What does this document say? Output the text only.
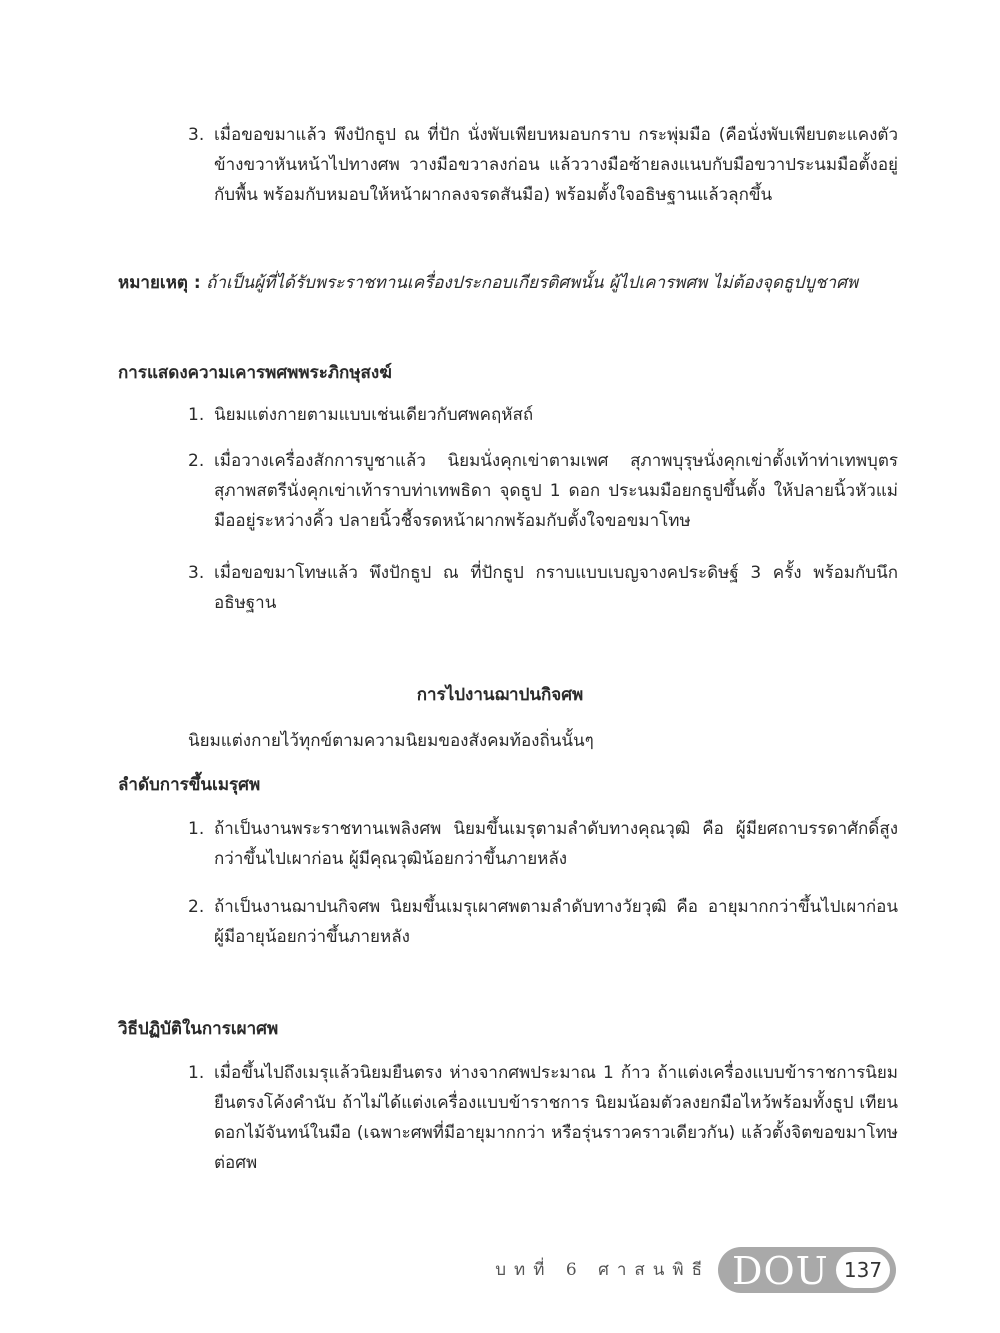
3. เมื่อขอขมาแล้ว พึงปักธูป ณ ที่ปัก นั่งพับเพียบหมอบกราบ กระพุ่มมือ (คือนั่งพับเพียบตะแคงตัวข้างขวาหันหน้าไปทางศพ วางมือขวาลงก่อน แล้ววางมือซ้ายลงแนบกับมือขวาประนมมือตั้งอยู่กับพื้น พร้อมกับหมอบให้หน้าผากลงจรดสันมือ) พร้อมตั้งใจอธิษฐานแล้วลุกขึ้น
หมายเหตุ : ถ้าเป็นผู้ที่ได้รับพระราชทานเครื่องประกอบเกียรติศพนั้น ผู้ไปเคารพศพ ไม่ต้องจุดธูปบูชาศพ
การแสดงความเคารพศพพระภิกษุสงฆ์
1. นิยมแต่งกายตามแบบเช่นเดียวกับศพคฤหัสถ์
2. เมื่อวางเครื่องสักการบูชาแล้ว นิยมนั่งคุกเข่าตามเพศ สุภาพบุรุษนั่งคุกเข่าตั้งเท้าท่าเทพบุตร สุภาพสตรีนั่งคุกเข่าเท้าราบท่าเทพธิดา จุดธูป 1 ดอก ประนมมือยกธูปขึ้นตั้ง ให้ปลายนิ้วหัวแม่มืออยู่ระหว่างคิ้ว ปลายนิ้วชี้จรดหน้าผากพร้อมกับตั้งใจขอขมาโทษ
3. เมื่อขอขมาโทษแล้ว พึงปักธูป ณ ที่ปักธูป กราบแบบเบญจางคประดิษฐ์ 3 ครั้ง พร้อมกับนึกอธิษฐาน
การไปงานฌาปนกิจศพ
นิยมแต่งกายไว้ทุกข์ตามความนิยมของสังคมท้องถิ่นนั้นๆ
ลำดับการขึ้นเมรุศพ
1. ถ้าเป็นงานพระราชทานเพลิงศพ นิยมขึ้นเมรุตามลำดับทางคุณวุฒิ คือ ผู้มียศถาบรรดาศักดิ์สูงกว่าขึ้นไปเผาก่อน ผู้มีคุณวุฒิน้อยกว่าขึ้นภายหลัง
2. ถ้าเป็นงานฌาปนกิจศพ นิยมขึ้นเมรุเผาศพตามลำดับทางวัยวุฒิ คือ อายุมากกว่าขึ้นไปเผาก่อน ผู้มีอายุน้อยกว่าขึ้นภายหลัง
วิธีปฏิบัติในการเผาศพ
1. เมื่อขึ้นไปถึงเมรุแล้วนิยมยืนตรง ห่างจากศพประมาณ 1 ก้าว ถ้าแต่งเครื่องแบบข้าราชการนิยมยืนตรงโค้งคำนับ ถ้าไม่ได้แต่งเครื่องแบบข้าราชการ นิยมน้อมตัวลงยกมือไหว้พร้อมทั้งธูป เทียน ดอกไม้จันทน์ในมือ (เฉพาะศพที่มีอายุมากกว่า หรือรุ่นราวคราวเดียวกัน) แล้วตั้งจิตขอขมาโทษต่อศพ
บทที่ 6 ศาสนพิธี DOU 137
